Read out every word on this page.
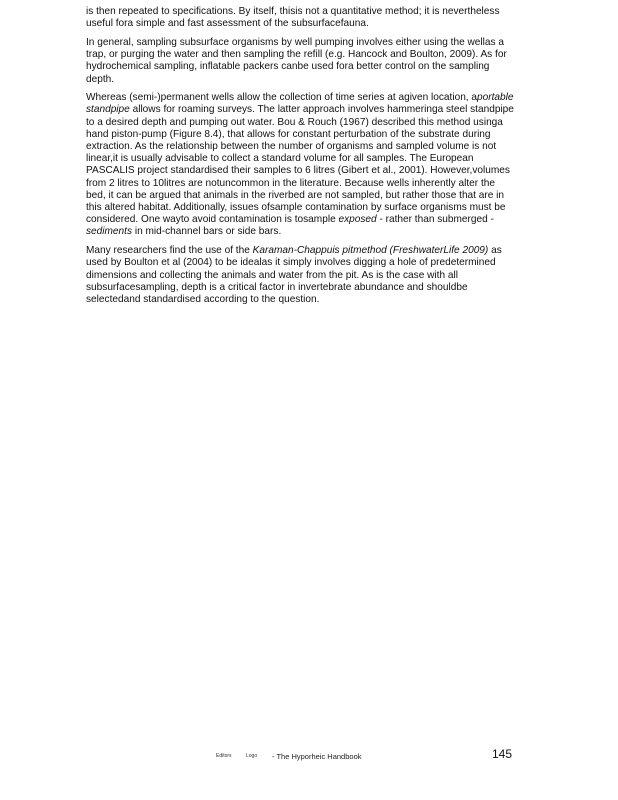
is then repeated to specifications. By itself, thisis not a quantitative method; it is nevertheless useful fora simple and fast assessment of the subsurfacefauna.

In general, sampling subsurface organisms by well pumping involves either using the wellas a trap, or purging the water and then sampling the refill (e.g. Hancock and Boulton, 2009). As for hydrochemical sampling, inflatable packers canbe used fora better control on the sampling depth.

Whereas (semi-)permanent wells allow the collection of time series at agiven location, aportable standpipe allows for roaming surveys. The latter approach involves hammeringa steel standpipe to a desired depth and pumping out water. Bou & Rouch (1967) described this method usinga hand piston-pump (Figure 8.4), that allows for constant perturbation of the substrate during extraction. As the relationship between the number of organisms and sampled volume is not linear,it is usually advisable to collect a standard volume for all samples. The European PASCALIS project standardised their samples to 6 litres (Gibert et al., 2001). However,volumes from 2 litres to 10litres are notuncommon in the literature. Because wells inherently alter the bed, it can be argued that animals in the riverbed are not sampled, but rather those that are in this altered habitat. Additionally, issues ofsample contamination by surface organisms must be considered. One wayto avoid contamination is tosample exposed - rather than submerged - sediments in mid-channel bars or side bars.

Many researchers find the use of the Karaman-Chappuis pitmethod (FreshwaterLife 2009) as used by Boulton et al (2004) to be idealas it simply involves digging a hole of predetermined dimensions and collecting the animals and water from the pit. As is the case with all subsurfacesampling, depth is a critical factor in invertebrate abundance and shouldbe selectedand standardised according to the question.

Editors	Logo - The Hyporheic Handbook	145
